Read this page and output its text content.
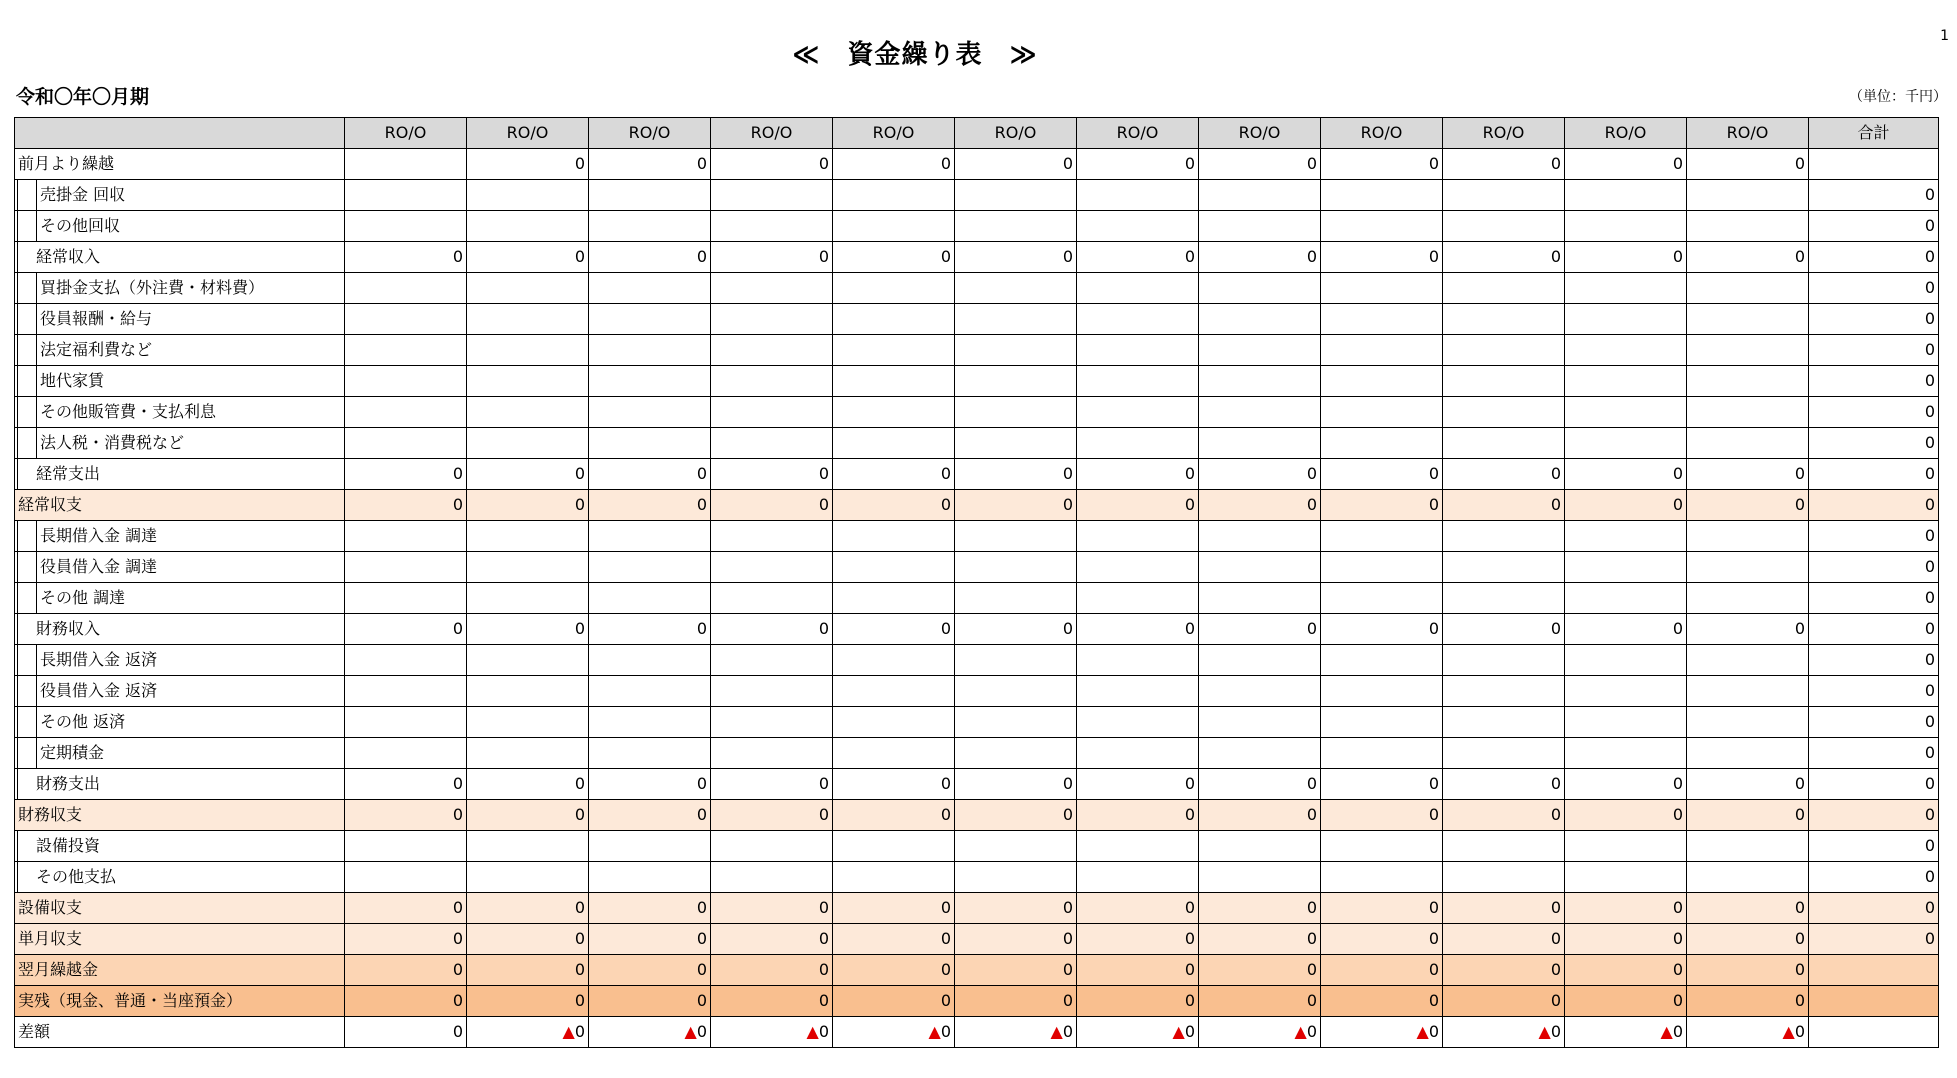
1
≪　資金繰り表　≫
令和〇年〇月期	（単位：千円）
	RO/O	RO/O	RO/O	RO/O	RO/O	RO/O	RO/O	RO/O	RO/O	RO/O	RO/O	RO/O	合計

前月より繰越		0	0	0	0	0	0	0	0	0	0	0	

売掛金 回収													0

その他回収													0

経常収入	0	0	0	0	0	0	0	0	0	0	0	0	0

買掛金支払（外注費・材料費）													0

役員報酬・給与													0

法定福利費など													0

地代家賃													0

その他販管費・支払利息													0

法人税・消費税など													0

経常支出	0	0	0	0	0	0	0	0	0	0	0	0	0

経常収支	0	0	0	0	0	0	0	0	0	0	0	0	0

長期借入金 調達													0

役員借入金 調達													0

その他 調達													0

財務収入	0	0	0	0	0	0	0	0	0	0	0	0	0

長期借入金 返済													0

役員借入金 返済													0

その他 返済													0

定期積金													0

財務支出	0	0	0	0	0	0	0	0	0	0	0	0	0

財務収支	0	0	0	0	0	0	0	0	0	0	0	0	0

設備投資													0

その他支払													0

設備収支	0	0	0	0	0	0	0	0	0	0	0	0	0

単月収支	0	0	0	0	0	0	0	0	0	0	0	0	0

翌月繰越金	0	0	0	0	0	0	0	0	0	0	0	0	

実残（現金、普通・当座預金）	0	0	0	0	0	0	0	0	0	0	0	0	

差額	0	▲0	▲0	▲0	▲0	▲0	▲0	▲0	▲0	▲0	▲0	▲0	
